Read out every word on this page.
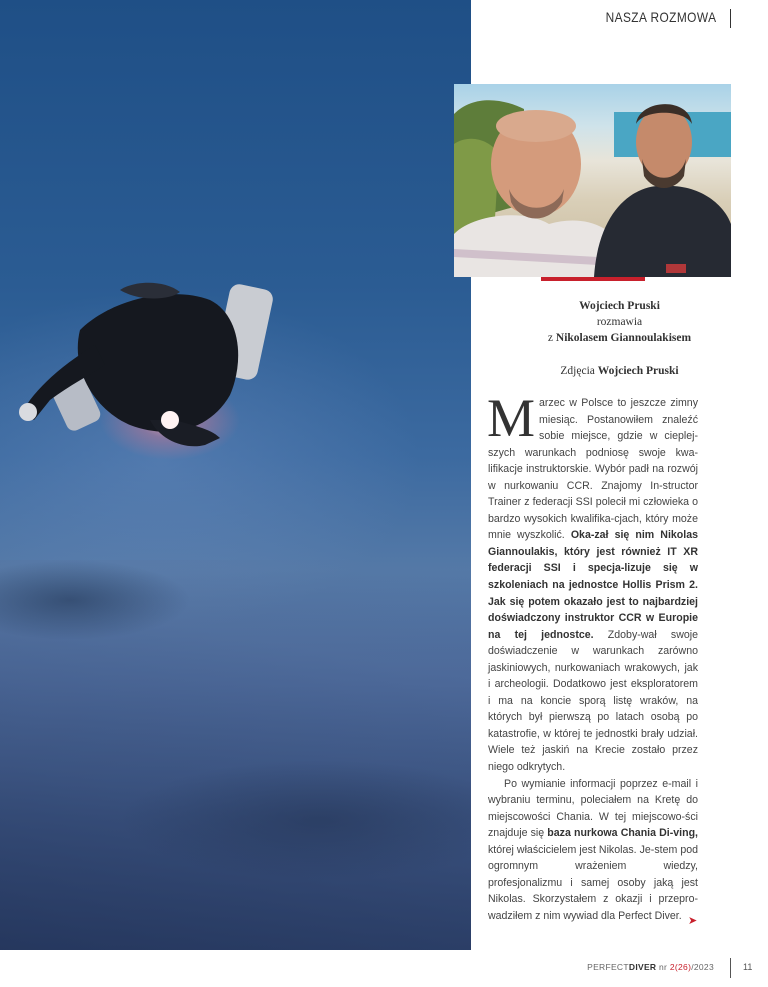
NASZA ROZMOWA
Wojciech Pruski
rozmawia
z Nikolasem Giannoulakisem
Zdjęcia Wojciech Pruski

Marzec w Polsce to jeszcze zimny miesiąc. Postanowiłem znaleźć sobie miejsce, gdzie w cieplej-szych warunkach podniosę swoje kwa-lifikacje instruktorskie. Wybór padł na rozwój w nurkowaniu CCR. Znajomy In-structor Trainer z federacji SSI polecił mi człowieka o bardzo wysokich kwalifika-cjach, który może mnie wyszkolić. Oka-zał się nim Nikolas Giannoulakis, który jest również IT XR federacji SSI i specja-lizuje się w szkoleniach na jednostce Hollis Prism 2. Jak się potem okazało jest to najbardziej doświadczony instruktor CCR w Europie na tej jednostce. Zdoby-wał swoje doświadczenie w warunkach zarówno jaskiniowych, nurkowaniach wrakowych, jak i archeologii. Dodatkowo jest eksploratorem i ma na koncie sporą listę wraków, na których był pierwszą po latach osobą po katastrofie, w której te jednostki brały udział. Wiele też jaskiń na Krecie zostało przez niego odkrytych.

Po wymianie informacji poprzez e-mail i wybraniu terminu, poleciałem na Kretę do miejscowości Chania. W tej miejscowo-ści znajduje się baza nurkowa Chania Di-ving, której właścicielem jest Nikolas. Je-stem pod ogromnym wrażeniem wiedzy, profesjonalizmu i samej osoby jaką jest Nikolas. Skorzystałem z okazji i przepro-wadziłem z nim wywiad dla Perfect Diver. ➤
PERFECTDIVER nr 2(26)/2023	11
